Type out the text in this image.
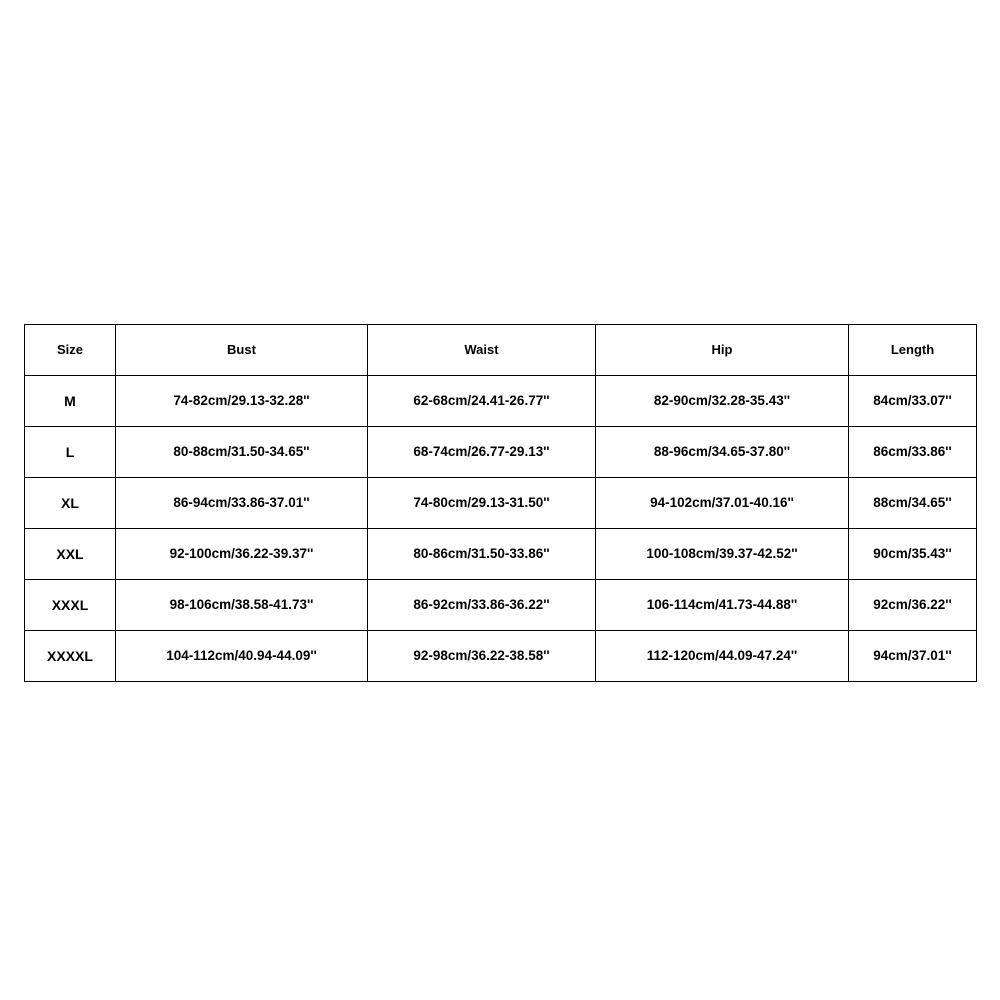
Size	Bust	Waist	Hip	Length
M	74-82cm/29.13-32.28''	62-68cm/24.41-26.77''	82-90cm/32.28-35.43''	84cm/33.07''
L	80-88cm/31.50-34.65''	68-74cm/26.77-29.13''	88-96cm/34.65-37.80''	86cm/33.86''
XL	86-94cm/33.86-37.01''	74-80cm/29.13-31.50''	94-102cm/37.01-40.16''	88cm/34.65''
XXL	92-100cm/36.22-39.37''	80-86cm/31.50-33.86''	100-108cm/39.37-42.52''	90cm/35.43''
XXXL	98-106cm/38.58-41.73''	86-92cm/33.86-36.22''	106-114cm/41.73-44.88''	92cm/36.22''
XXXXL	104-112cm/40.94-44.09''	92-98cm/36.22-38.58''	112-120cm/44.09-47.24''	94cm/37.01''
